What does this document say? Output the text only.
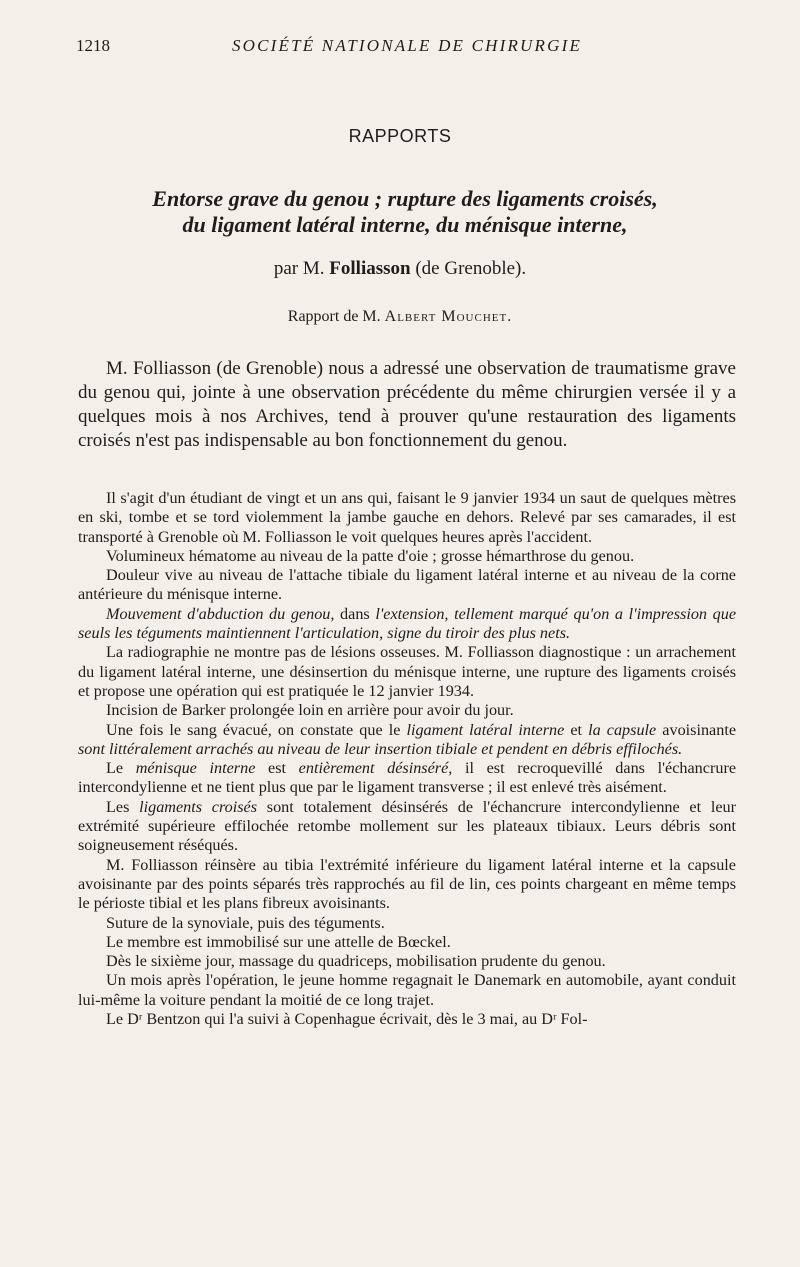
1218	SOCIÉTÉ NATIONALE DE CHIRURGIE
RAPPORTS
Entorse grave du genou ; rupture des ligaments croisés,
du ligament latéral interne, du ménisque interne,
par M. Folliasson (de Grenoble).
Rapport de M. Albert Mouchet.

M. Folliasson (de Grenoble) nous a adressé une observation de traumatisme grave du genou qui, jointe à une observation précédente du même chirurgien versée il y a quelques mois à nos Archives, tend à prouver qu'une restauration des ligaments croisés n'est pas indispensable au bon fonctionnement du genou.

Il s'agit d'un étudiant de vingt et un ans qui, faisant le 9 janvier 1934 un saut de quelques mètres en ski, tombe et se tord violemment la jambe gauche en dehors. Relevé par ses camarades, il est transporté à Grenoble où M. Folliasson le voit quelques heures après l'accident.

Volumineux hématome au niveau de la patte d'oie ; grosse hémarthrose du genou.

Douleur vive au niveau de l'attache tibiale du ligament latéral interne et au niveau de la corne antérieure du ménisque interne.

Mouvement d'abduction du genou, dans l'extension, tellement marqué qu'on a l'impression que seuls les téguments maintiennent l'articulation, signe du tiroir des plus nets.

La radiographie ne montre pas de lésions osseuses. M. Folliasson diagnostique : un arrachement du ligament latéral interne, une désinsertion du ménisque interne, une rupture des ligaments croisés et propose une opération qui est pratiquée le 12 janvier 1934.

Incision de Barker prolongée loin en arrière pour avoir du jour.

Une fois le sang évacué, on constate que le ligament latéral interne et la capsule avoisinante sont littéralement arrachés au niveau de leur insertion tibiale et pendent en débris effilochés.

Le ménisque interne est entièrement désinséré, il est recroquevillé dans l'échancrure intercondylienne et ne tient plus que par le ligament transverse ; il est enlevé très aisément.

Les ligaments croisés sont totalement désinsérés de l'échancrure intercondylienne et leur extrémité supérieure effilochée retombe mollement sur les plateaux tibiaux. Leurs débris sont soigneusement réséqués.

M. Folliasson réinsère au tibia l'extrémité inférieure du ligament latéral interne et la capsule avoisinante par des points séparés très rapprochés au fil de lin, ces points chargeant en même temps le périoste tibial et les plans fibreux avoisinants.

Suture de la synoviale, puis des téguments.

Le membre est immobilisé sur une attelle de Bœckel.

Dès le sixième jour, massage du quadriceps, mobilisation prudente du genou.

Un mois après l'opération, le jeune homme regagnait le Danemark en automobile, ayant conduit lui-même la voiture pendant la moitié de ce long trajet.

Le Dʳ Bentzon qui l'a suivi à Copenhague écrivait, dès le 3 mai, au Dʳ Fol-
